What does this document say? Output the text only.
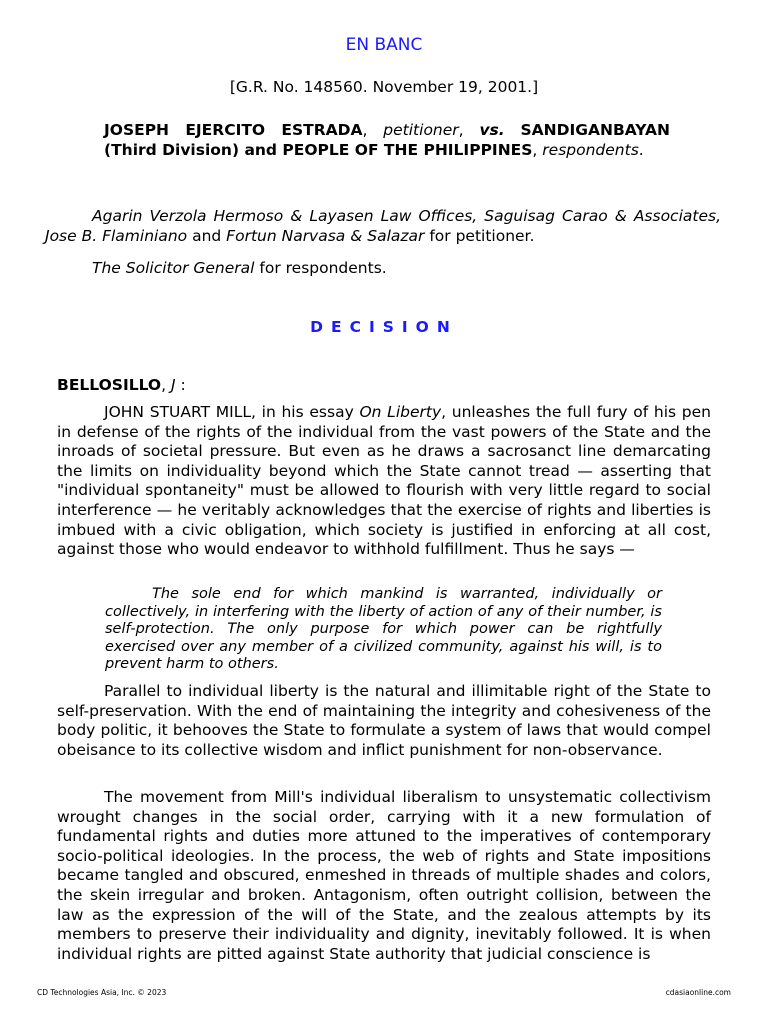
EN BANC
[G.R. No. 148560. November 19, 2001.]
JOSEPH EJERCITO ESTRADA, petitioner, vs. SANDIGANBAYAN (Third Division) and PEOPLE OF THE PHILIPPINES, respondents.
Agarin Verzola Hermoso & Layasen Law Offices, Saguisag Carao & Associates, Jose B. Flaminiano and Fortun Narvasa & Salazar for petitioner.
The Solicitor General for respondents.
DECISION
BELLOSILLO, J :
JOHN STUART MILL, in his essay On Liberty, unleashes the full fury of his pen in defense of the rights of the individual from the vast powers of the State and the inroads of societal pressure. But even as he draws a sacrosanct line demarcating the limits on individuality beyond which the State cannot tread — asserting that "individual spontaneity" must be allowed to flourish with very little regard to social interference — he veritably acknowledges that the exercise of rights and liberties is imbued with a civic obligation, which society is justified in enforcing at all cost, against those who would endeavor to withhold fulfillment. Thus he says —
The sole end for which mankind is warranted, individually or collectively, in interfering with the liberty of action of any of their number, is self-protection. The only purpose for which power can be rightfully exercised over any member of a civilized community, against his will, is to prevent harm to others.
Parallel to individual liberty is the natural and illimitable right of the State to self-preservation. With the end of maintaining the integrity and cohesiveness of the body politic, it behooves the State to formulate a system of laws that would compel obeisance to its collective wisdom and inflict punishment for non-observance.
The movement from Mill's individual liberalism to unsystematic collectivism wrought changes in the social order, carrying with it a new formulation of fundamental rights and duties more attuned to the imperatives of contemporary socio-political ideologies. In the process, the web of rights and State impositions became tangled and obscured, enmeshed in threads of multiple shades and colors, the skein irregular and broken. Antagonism, often outright collision, between the law as the expression of the will of the State, and the zealous attempts by its members to preserve their individuality and dignity, inevitably followed. It is when individual rights are pitted against State authority that judicial conscience is
CD Technologies Asia, Inc. © 2023	cdasiaonline.com
